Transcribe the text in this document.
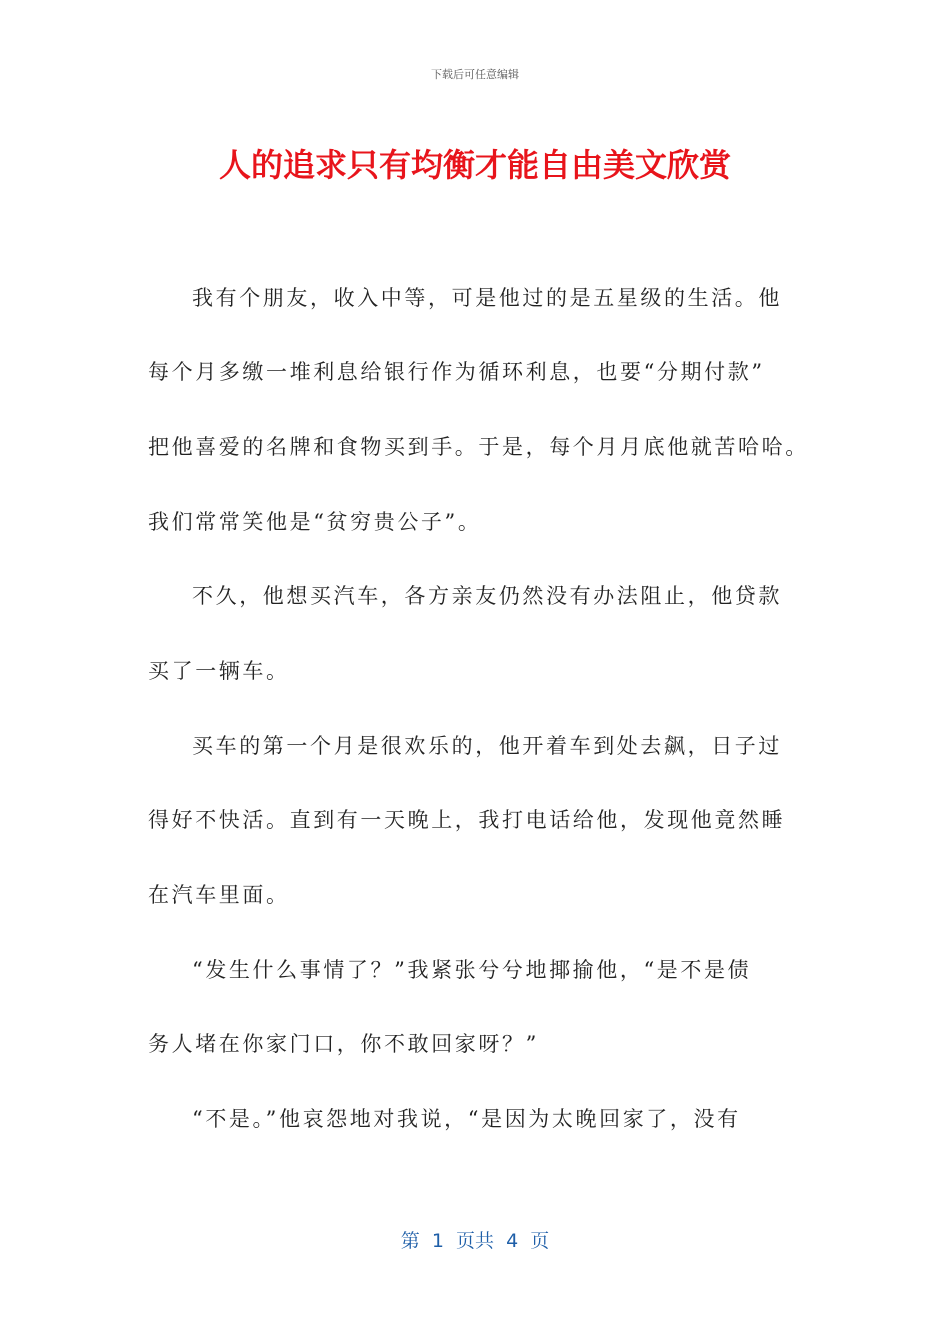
下载后可任意编辑
人的追求只有均衡才能自由美文欣赏
我有个朋友，收入中等，可是他过的是五星级的生活。他
每个月多缴一堆利息给银行作为循环利息，也要“分期付款”
把他喜爱的名牌和食物买到手。于是，每个月月底他就苦哈哈。
我们常常笑他是“贫穷贵公子”。
不久，他想买汽车，各方亲友仍然没有办法阻止，他贷款
买了一辆车。
买车的第一个月是很欢乐的，他开着车到处去飙，日子过
得好不快活。直到有一天晚上，我打电话给他，发现他竟然睡
在汽车里面。
“发生什么事情了？”我紧张兮兮地揶揄他，“是不是债
务人堵在你家门口，你不敢回家呀？”
“不是。”他哀怨地对我说，“是因为太晚回家了，没有
第  1  页共  4  页
